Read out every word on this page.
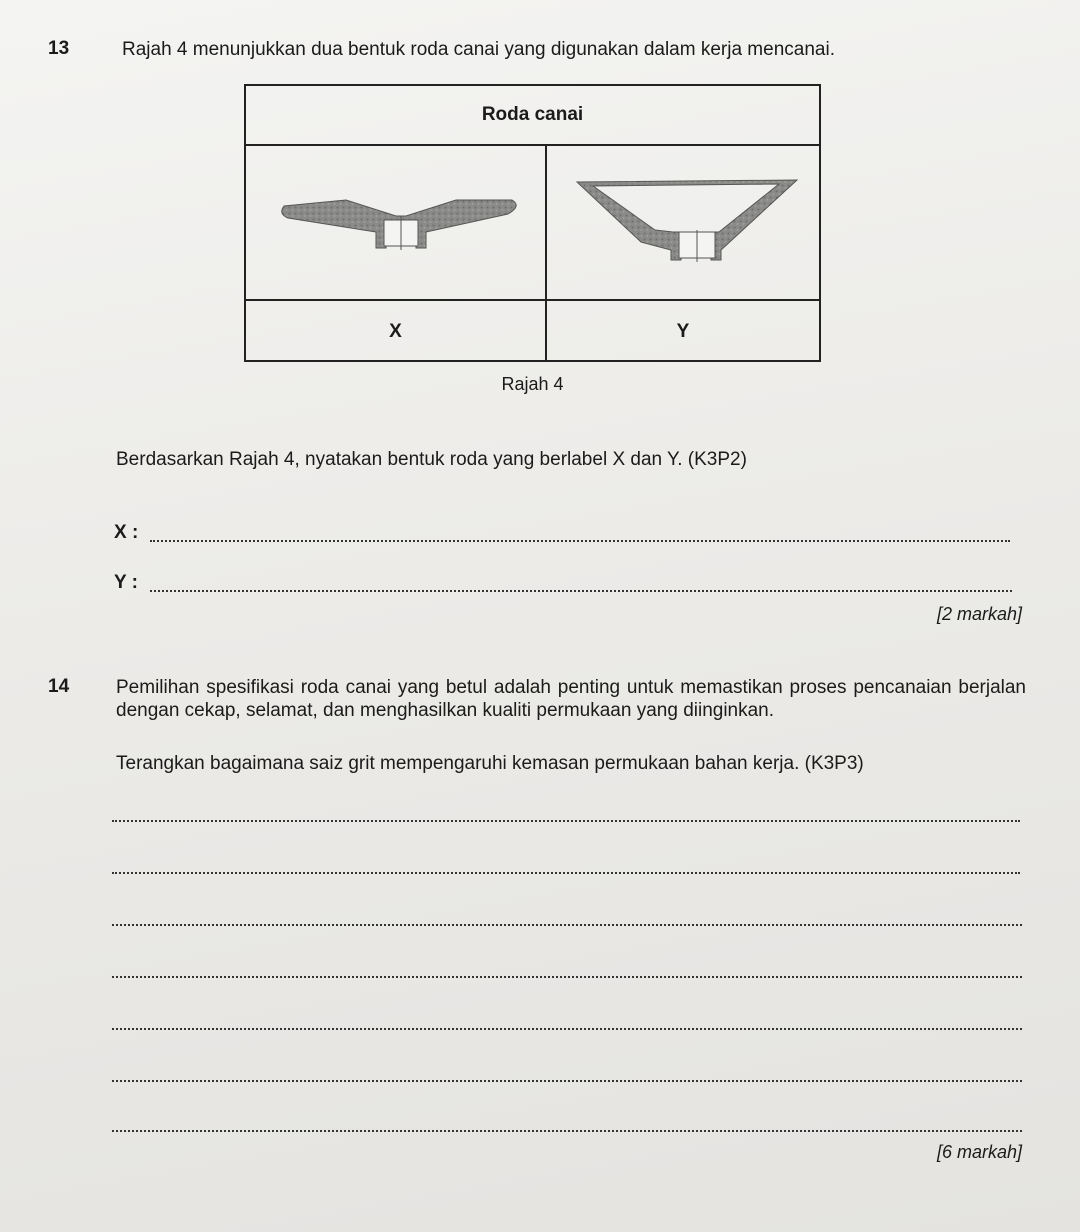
13	Rajah 4 menunjukkan dua bentuk roda canai yang digunakan dalam kerja mencanai.
Roda canai
X	Y
Rajah 4
Berdasarkan Rajah 4, nyatakan bentuk roda yang berlabel X dan Y. (K3P2)
X :
Y :
[2 markah]
14 Pemilihan spesifikasi roda canai yang betul adalah penting untuk memastikan proses pencanaian berjalan dengan cekap, selamat, dan menghasilkan kualiti permukaan yang diinginkan.
Terangkan bagaimana saiz grit mempengaruhi kemasan permukaan bahan kerja. (K3P3)
[6 markah]
